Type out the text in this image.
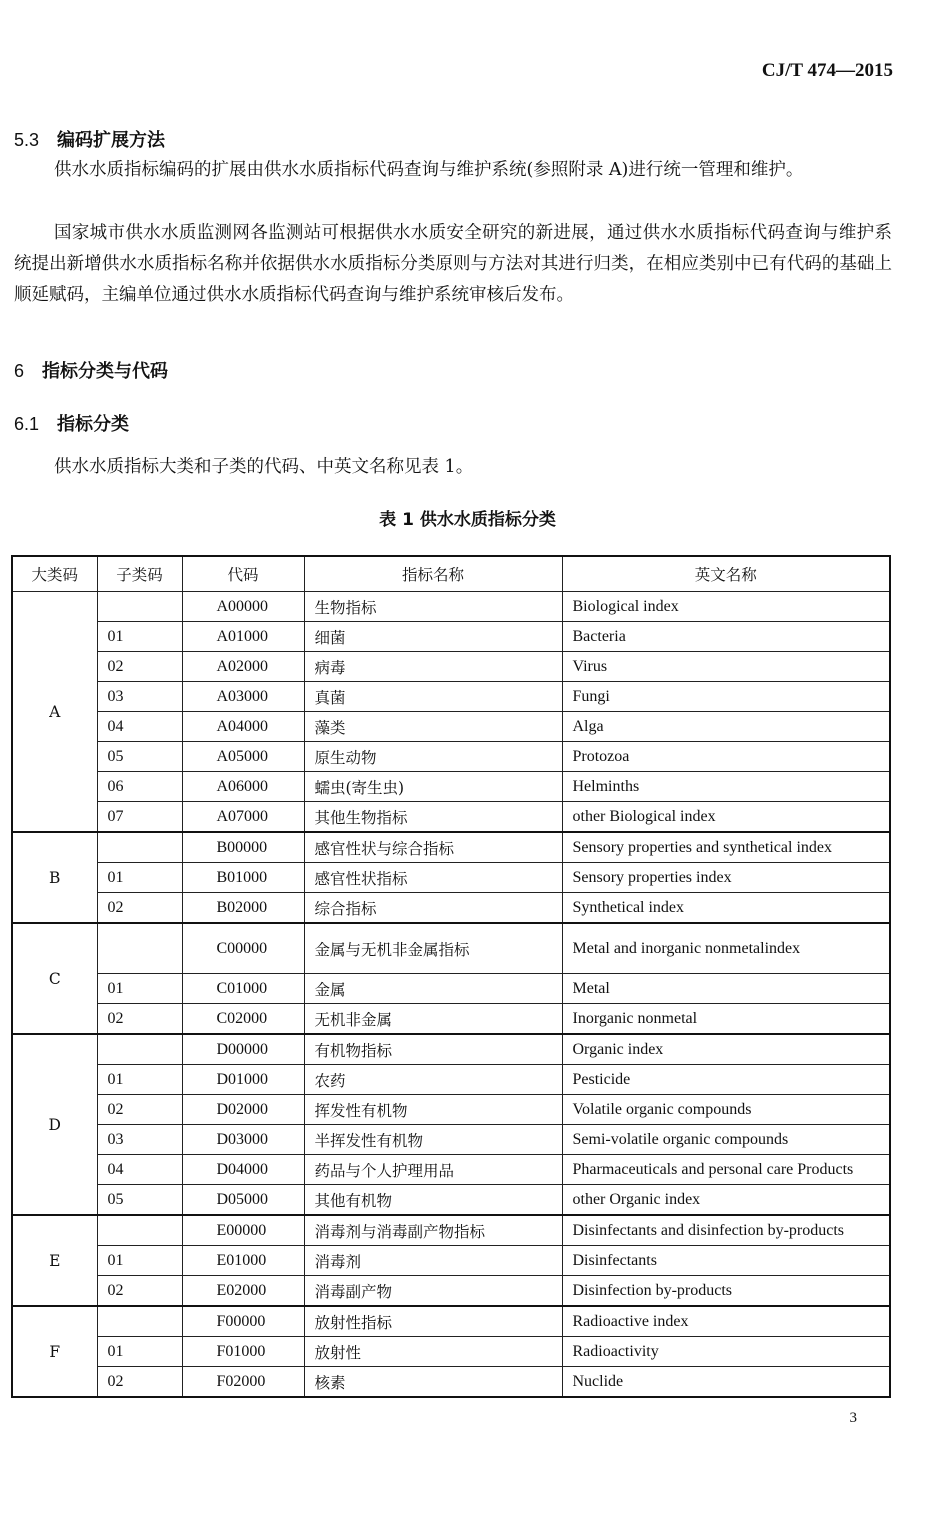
CJ/T 474—2015
5.3 编码扩展方法

供水水质指标编码的扩展由供水水质指标代码查询与维护系统(参照附录 A)进行统一管理和维护。

国家城市供水水质监测网各监测站可根据供水水质安全研究的新进展，通过供水水质指标代码查询与维护系统提出新增供水水质指标名称并依据供水水质指标分类原则与方法对其进行归类，在相应类别中已有代码的基础上顺延赋码，主编单位通过供水水质指标代码查询与维护系统审核后发布。

6 指标分类与代码
6.1 指标分类

供水水质指标大类和子类的代码、中英文名称见表 1。

表 1 供水水质指标分类
大类码	子类码	代码	指标名称	英文名称
A		A00000	生物指标	Biological index
	01	A01000	细菌	Bacteria
	02	A02000	病毒	Virus
	03	A03000	真菌	Fungi
	04	A04000	藻类	Alga
	05	A05000	原生动物	Protozoa
	06	A06000	蠕虫(寄生虫)	Helminths
	07	A07000	其他生物指标	other Biological index
B		B00000	感官性状与综合指标	Sensory properties and synthetical index
	01	B01000	感官性状指标	Sensory properties index
	02	B02000	综合指标	Synthetical index
C		C00000	金属与无机非金属指标	Metal and inorganic nonmetalindex
	01	C01000	金属	Metal
	02	C02000	无机非金属	Inorganic nonmetal
D		D00000	有机物指标	Organic index
	01	D01000	农药	Pesticide
	02	D02000	挥发性有机物	Volatile organic compounds
	03	D03000	半挥发性有机物	Semi-volatile organic compounds
	04	D04000	药品与个人护理用品	Pharmaceuticals and personal care Products
	05	D05000	其他有机物	other Organic index
E		E00000	消毒剂与消毒副产物指标	Disinfectants and disinfection by-products
	01	E01000	消毒剂	Disinfectants
	02	E02000	消毒副产物	Disinfection by-products
F		F00000	放射性指标	Radioactive index
	01	F01000	放射性	Radioactivity
	02	F02000	核素	Nuclide
3
